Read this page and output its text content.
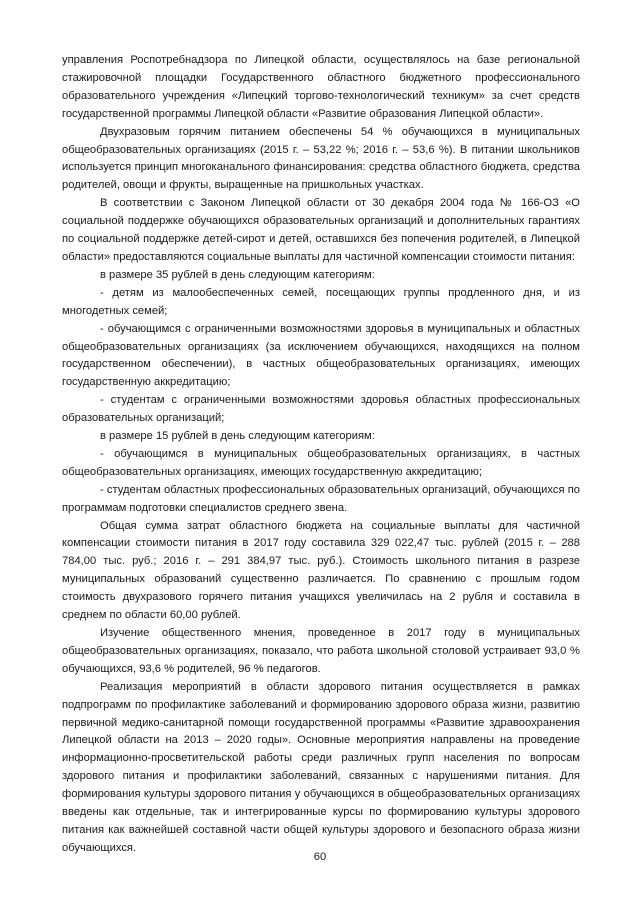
управления Роспотребнадзора по Липецкой области, осуществлялось на базе региональной стажировочной площадки Государственного областного бюджетного профессионального образовательного учреждения «Липецкий торгово-технологический техникум» за счет средств государственной программы Липецкой области «Развитие образования Липецкой области».

Двухразовым горячим питанием обеспечены 54 % обучающихся в муниципальных общеобразовательных организациях (2015 г. – 53,22 %; 2016 г. – 53,6 %). В питании школьников используется принцип многоканального финансирования: средства областного бюджета, средства родителей, овощи и фрукты, выращенные на пришкольных участках.

В соответствии с Законом Липецкой области от 30 декабря 2004 года № 166-ОЗ «О социальной поддержке обучающихся образовательных организаций и дополнительных гарантиях по социальной поддержке детей-сирот и детей, оставшихся без попечения родителей, в Липецкой области» предоставляются социальные выплаты для частичной компенсации стоимости питания:

в размере 35 рублей в день следующим категориям:

- детям из малообеспеченных семей, посещающих группы продленного дня, и из многодетных семей;

- обучающимся с ограниченными возможностями здоровья в муниципальных и областных общеобразовательных организациях (за исключением обучающихся, находящихся на полном государственном обеспечении), в частных общеобразовательных организациях, имеющих государственную аккредитацию;

- студентам с ограниченными возможностями здоровья областных профессиональных образовательных организаций;

в размере 15 рублей в день следующим категориям:

- обучающимся в муниципальных общеобразовательных организациях, в частных общеобразовательных организациях, имеющих государственную аккредитацию;

- студентам областных профессиональных образовательных организаций, обучающихся по программам подготовки специалистов среднего звена.

Общая сумма затрат областного бюджета на социальные выплаты для частичной компенсации стоимости питания в 2017 году составила 329 022,47 тыс. рублей (2015 г. – 288 784,00 тыс. руб.; 2016 г. – 291 384,97 тыс. руб.). Стоимость школьного питания в разрезе муниципальных образований существенно различается. По сравнению с прошлым годом стоимость двухразового горячего питания учащихся увеличилась на 2 рубля и составила в среднем по области 60,00 рублей.

Изучение общественного мнения, проведенное в 2017 году в муниципальных общеобразовательных организациях, показало, что работа школьной столовой устраивает 93,0 % обучающихся, 93,6 % родителей, 96 % педагогов.

Реализация мероприятий в области здорового питания осуществляется в рамках подпрограмм по профилактике заболеваний и формированию здорового образа жизни, развитию первичной медико-санитарной помощи государственной программы «Развитие здравоохранения Липецкой области на 2013 – 2020 годы». Основные мероприятия направлены на проведение информационно-просветительской работы среди различных групп населения по вопросам здорового питания и профилактики заболеваний, связанных с нарушениями питания. Для формирования культуры здорового питания у обучающихся в общеобразовательных организациях введены как отдельные, так и интегрированные курсы по формированию культуры здорового питания как важнейшей составной части общей культуры здорового и безопасного образа жизни обучающихся.

60
